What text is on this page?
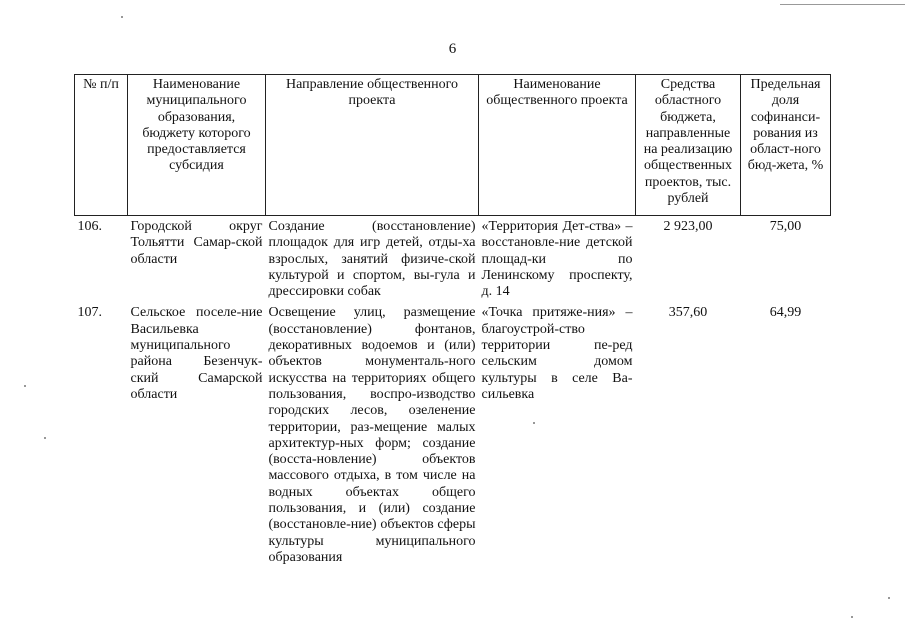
6
№ п/п	Наименование муниципального образования, бюджету которого предоставляется субсидия	Направление общественного проекта	Наименование общественного проекта	Средства областного бюджета, направленные на реализацию общественных проектов, тыс. рублей	Предельная доля софинанси-рования из област-ного бюд-жета, %
106.	Городской округ Тольятти Самар-ской области	Создание (восстановление) площадок для игр детей, отды-ха взрослых, занятий физиче-ской культурой и спортом, вы-гула и дрессировки собак	«Территория Дет-ства» – восстановле-ние детской площад-ки по Ленинскому проспекту, д. 14	2 923,00	75,00
107.	Сельское поселе-ние Васильевка муниципального района Безенчук-ский Самарской области	Освещение улиц, размещение (восстановление) фонтанов, декоративных водоемов и (или) объектов монументаль-ного искусства на территориях общего пользования, воспро-изводство городских лесов, озеленение территории, раз-мещение малых архитектур-ных форм; создание (восста-новление) объектов массового отдыха, в том числе на водных объектах общего пользования, и (или) создание (восстановле-ние) объектов сферы культуры муниципального образования	«Точка притяже-ния» – благоустрой-ство территории пе-ред сельским домом культуры в селе Ва-сильевка	357,60	64,99
